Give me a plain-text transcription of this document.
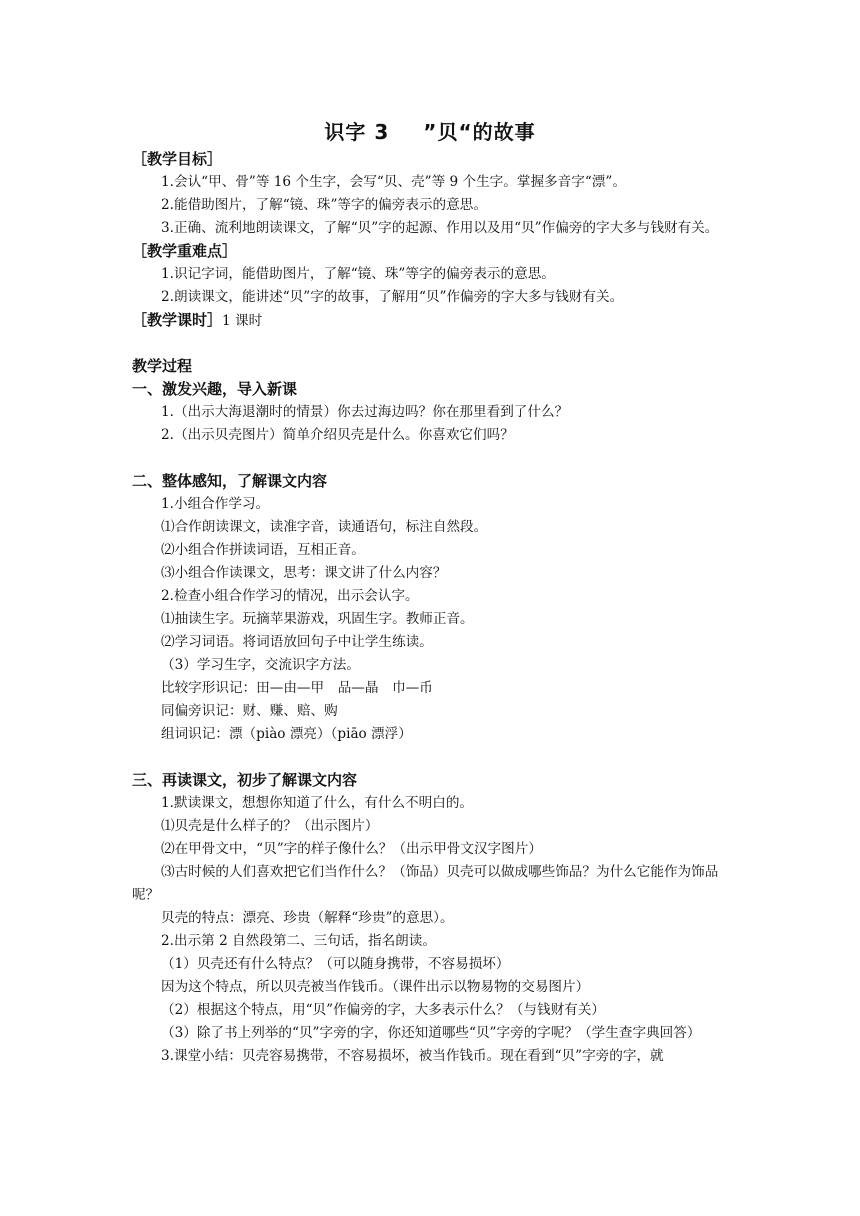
识字 3 ”贝“的故事
［教学目标］
1.会认“甲、骨”等 16 个生字，会写“贝、壳”等 9 个生字。掌握多音字“漂”。
2.能借助图片，了解“镜、珠”等字的偏旁表示的意思。
3.正确、流利地朗读课文，了解“贝”字的起源、作用以及用“贝”作偏旁的字大多与钱财有关。
［教学重难点］
1.识记字词，能借助图片，了解“镜、珠”等字的偏旁表示的意思。
2.朗读课文，能讲述“贝”字的故事，了解用“贝”作偏旁的字大多与钱财有关。
［教学课时］1 课时
教学过程
一、激发兴趣，导入新课
1.（出示大海退潮时的情景）你去过海边吗？你在那里看到了什么？
2.（出示贝壳图片）简单介绍贝壳是什么。你喜欢它们吗？
二、整体感知，了解课文内容
1.小组合作学习。
⑴合作朗读课文，读准字音，读通语句，标注自然段。
⑵小组合作拼读词语，互相正音。
⑶小组合作读课文，思考：课文讲了什么内容？
2.检查小组合作学习的情况，出示会认字。
⑴抽读生字。玩摘苹果游戏，巩固生字。教师正音。
⑵学习词语。将词语放回句子中让学生练读。
（3）学习生字，交流识字方法。
比较字形识记：田—由—甲　品—晶　巾—币
同偏旁识记：财、赚、赔、购
组词识记：漂（piào 漂亮）（piāo 漂浮）
三、再读课文，初步了解课文内容
1.默读课文，想想你知道了什么，有什么不明白的。
⑴贝壳是什么样子的？（出示图片）
⑵在甲骨文中，“贝”字的样子像什么？（出示甲骨文汉字图片）
⑶古时候的人们喜欢把它们当作什么？（饰品）贝壳可以做成哪些饰品？为什么它能作为饰品呢？
贝壳的特点：漂亮、珍贵（解释“珍贵”的意思）。
2.出示第 2 自然段第二、三句话，指名朗读。
（1）贝壳还有什么特点？（可以随身携带，不容易损坏）
因为这个特点，所以贝壳被当作钱币。（课件出示以物易物的交易图片）
（2）根据这个特点，用“贝”作偏旁的字，大多表示什么？（与钱财有关）
（3）除了书上列举的“贝”字旁的字，你还知道哪些“贝”字旁的字呢？（学生查字典回答）
3.课堂小结：贝壳容易携带，不容易损坏，被当作钱币。现在看到“贝”字旁的字，就
